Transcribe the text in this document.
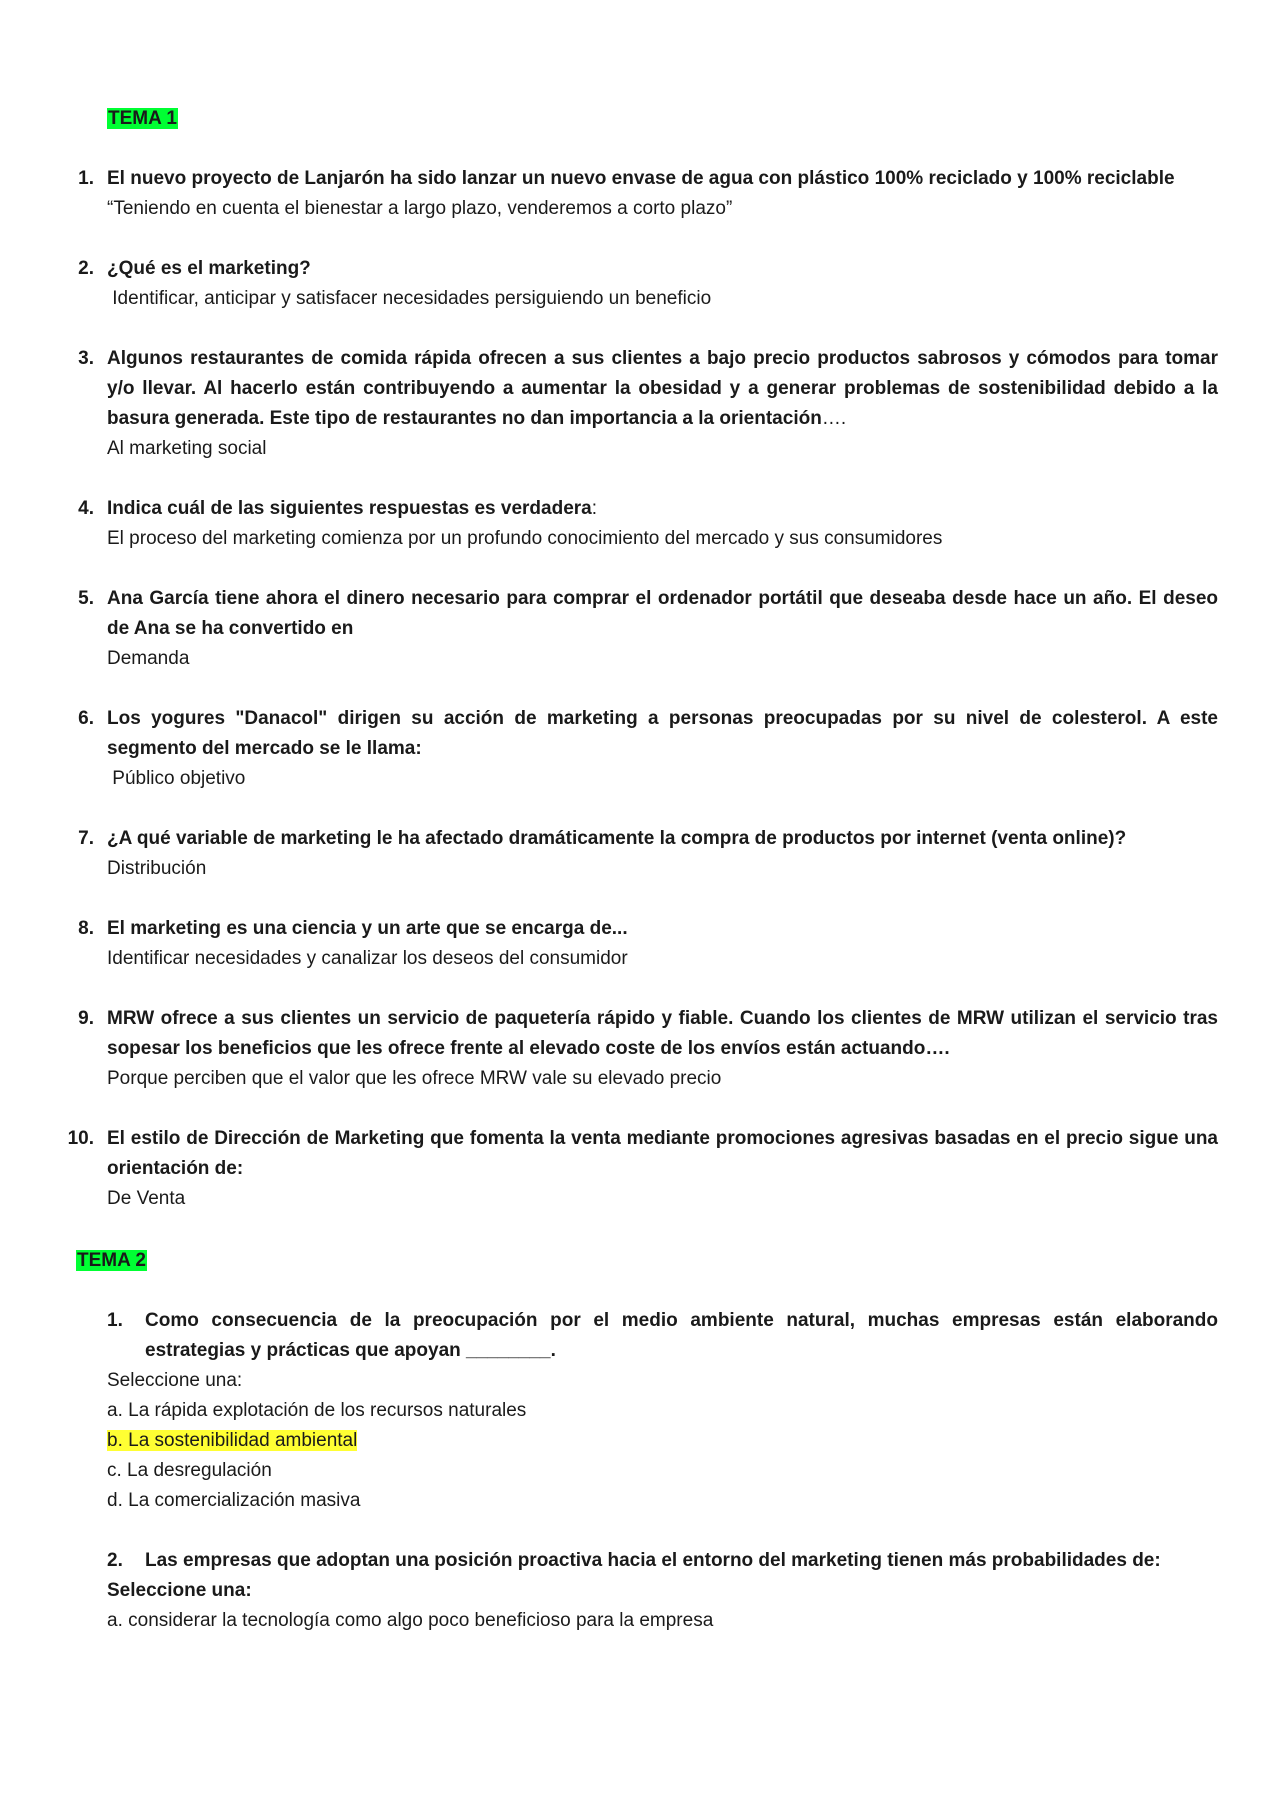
TEMA 1
1. El nuevo proyecto de Lanjarón ha sido lanzar un nuevo envase de agua con plástico 100% reciclado y 100% reciclable
“Teniendo en cuenta el bienestar a largo plazo, venderemos a corto plazo”
2. ¿Qué es el marketing?
Identificar, anticipar y satisfacer necesidades persiguiendo un beneficio
3. Algunos restaurantes de comida rápida ofrecen a sus clientes a bajo precio productos sabrosos y cómodos para tomar y/o llevar. Al hacerlo están contribuyendo a aumentar la obesidad y a generar problemas de sostenibilidad debido a la basura generada. Este tipo de restaurantes no dan importancia a la orientación….
Al marketing social
4. Indica cuál de las siguientes respuestas es verdadera:
El proceso del marketing comienza por un profundo conocimiento del mercado y sus consumidores
5. Ana García tiene ahora el dinero necesario para comprar el ordenador portátil que deseaba desde hace un año. El deseo de Ana se ha convertido en
Demanda
6. Los yogures "Danacol" dirigen su acción de marketing a personas preocupadas por su nivel de colesterol. A este segmento del mercado se le llama:
Público objetivo
7. ¿A qué variable de marketing le ha afectado dramáticamente la compra de productos por internet (venta online)?
Distribución
8. El marketing es una ciencia y un arte que se encarga de...
Identificar necesidades y canalizar los deseos del consumidor
9. MRW ofrece a sus clientes un servicio de paquetería rápido y fiable. Cuando los clientes de MRW utilizan el servicio tras sopesar los beneficios que les ofrece frente al elevado coste de los envíos están actuando….
Porque perciben que el valor que les ofrece MRW vale su elevado precio
10. El estilo de Dirección de Marketing que fomenta la venta mediante promociones agresivas basadas en el precio sigue una orientación de:
De Venta
TEMA 2
1. Como consecuencia de la preocupación por el medio ambiente natural, muchas empresas están elaborando estrategias y prácticas que apoyan ________.
Seleccione una:
a. La rápida explotación de los recursos naturales
b. La sostenibilidad ambiental
c. La desregulación
d. La comercialización masiva
2. Las empresas que adoptan una posición proactiva hacia el entorno del marketing tienen más probabilidades de:
Seleccione una:
a. considerar la tecnología como algo poco beneficioso para la empresa
